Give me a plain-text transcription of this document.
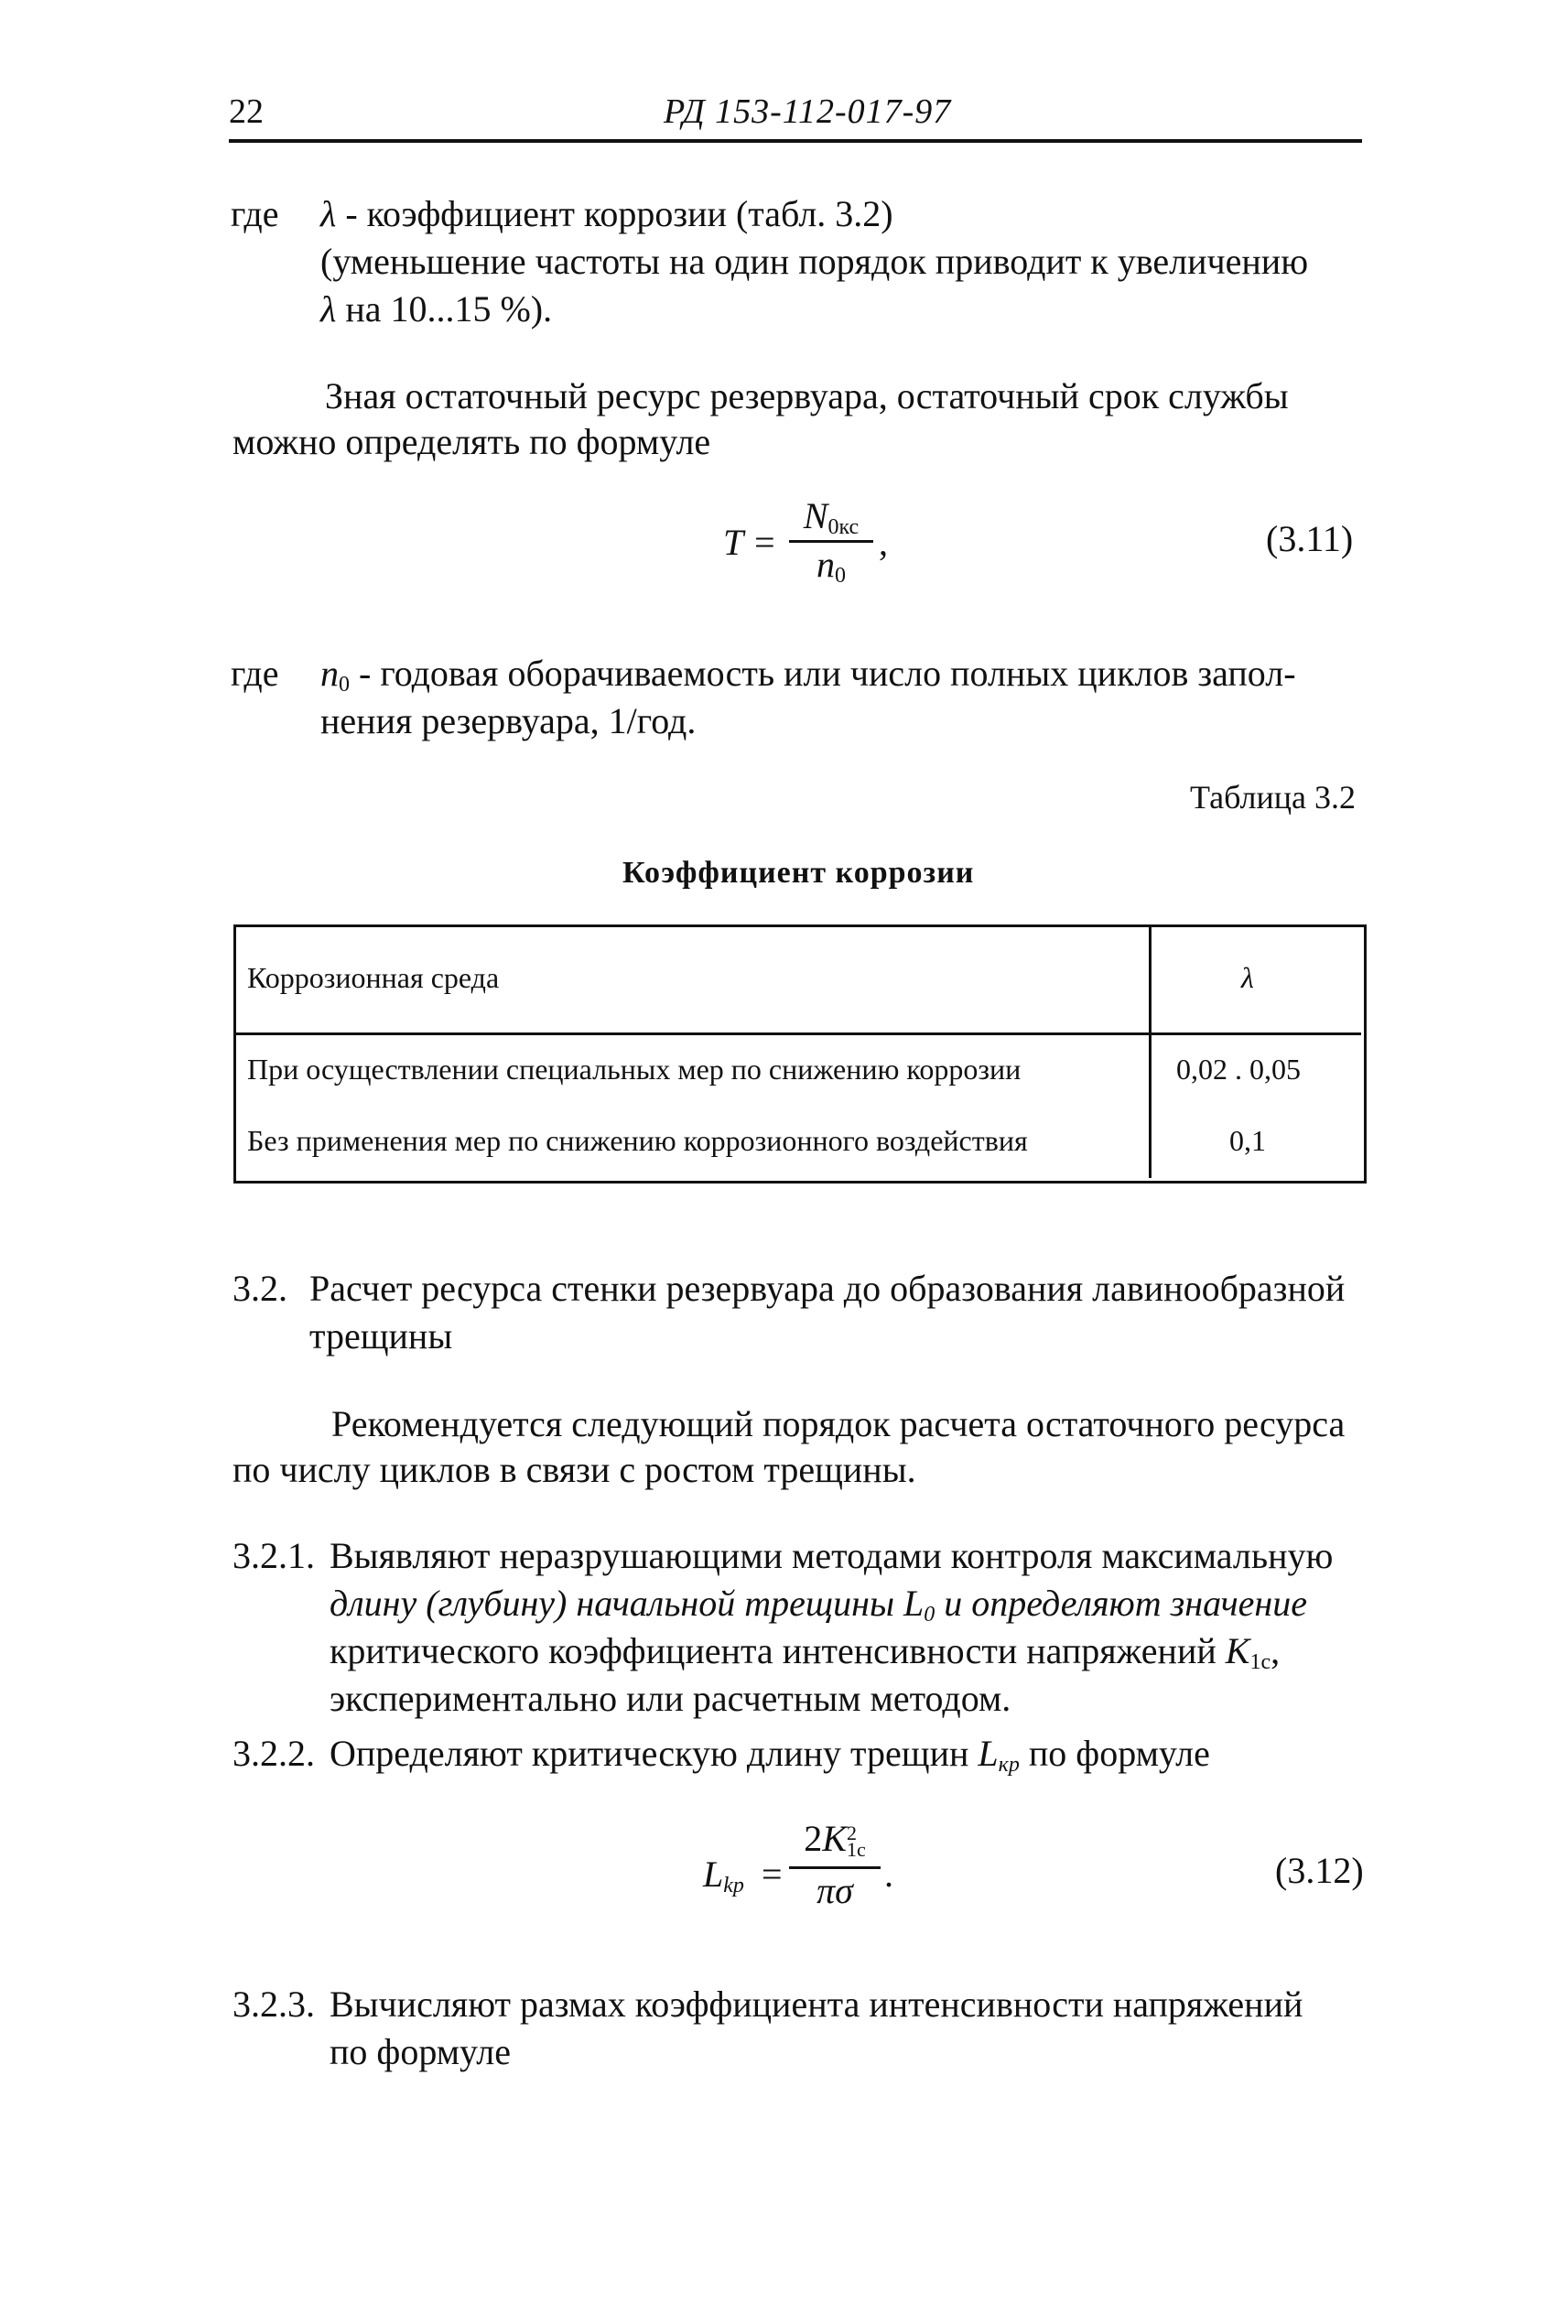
22	РД 153-112-017-97
где λ - коэффициент коррозии (табл. 3.2)
(уменьшение частоты на один порядок приводит к увеличению
λ на 10...15 %).
Зная остаточный ресурс резервуара, остаточный срок службы
можно определять по формуле
T =
$N_{0кс}$
$n_0$
,	(3.11)
где $n_0$ - годовая оборачиваемость или число полных циклов запол-
нения резервуара, 1/год.
Таблица 3.2
Коэффициент коррозии
Коррозионная среда	λ
При осуществлении специальных мер по снижению коррозии	0,02 . 0,05
Без применения мер по снижению коррозионного воздействия	0,1
3.2. Расчет ресурса стенки резервуара до образования лавинообразной
трещины
Рекомендуется следующий порядок расчета остаточного ресурса
по числу циклов в связи с ростом трещины.
3.2.1. Выявляют неразрушающими методами контроля максимальную
длину (глубину) начальной трещины $L_0$ и определяют значение
критического коэффициента интенсивности напряжений $K_{1c}$,
экспериментально или расчетным методом.
3.2.2. Определяют критическую длину трещин $L_{кр}$ по формуле
$L_{kp}$ =
2K 2
1c
πσ .	(3.12)
3.2.3. Вычисляют размах коэффициента интенсивности напряжений
по формуле
